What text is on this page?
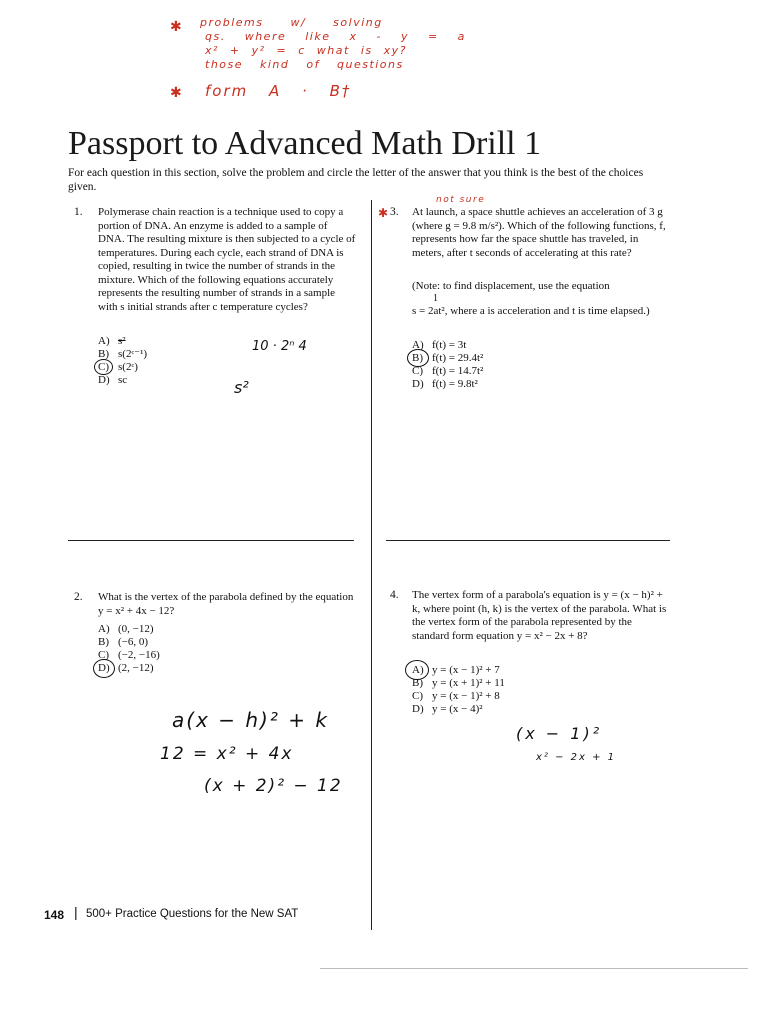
✱ problems w/ solving
qs. where like x - y = a
x² + y² = c what is xy?
those kind of questions
✱ form A · B†
Passport to Advanced Math Drill 1
For each question in this section, solve the problem and circle the letter of the answer that you think is the best of the choices given.
1. Polymerase chain reaction is a technique used to copy a portion of DNA. An enzyme is added to a sample of DNA. The resulting mixture is then subjected to a cycle of temperatures. During each cycle, each strand of DNA is copied, resulting in twice the number of strands in the mixture. Which of the following equations accurately represents the resulting number of strands in a sample with s initial strands after c temperature cycles?
A) s²
B) s(2ᶜ⁻¹)
C) s(2ᶜ)
D) sc
10 · 2ⁿ 4
s²
✱
not sure
3. At launch, a space shuttle achieves an acceleration of 3 g (where g = 9.8 m/s²). Which of the following functions, f, represents how far the space shuttle has traveled, in meters, after t seconds of accelerating at this rate?
(Note: to find displacement, use the equation
1
s = 2at², where a is acceleration and t is time elapsed.)
A) f(t) = 3t
B) f(t) = 29.4t²
C) f(t) = 14.7t²
D) f(t) = 9.8t²
2. What is the vertex of the parabola defined by the equation y = x² + 4x − 12?
A) (0, −12)
B) (−6, 0)
C) (−2, −16)
D) (2, −12)
a(x − h)² + k
12 = x² + 4x
(x + 2)² − 12
4. The vertex form of a parabola's equation is y = (x − h)² + k, where point (h, k) is the vertex of the parabola. What is the vertex form of the parabola represented by the standard form equation y = x² − 2x + 8?
A) y = (x − 1)² + 7
B) y = (x + 1)² + 11
C) y = (x − 1)² + 8
D) y = (x − 4)²
(x − 1)²
x² − 2x + 1
148 | 500+ Practice Questions for the New SAT
